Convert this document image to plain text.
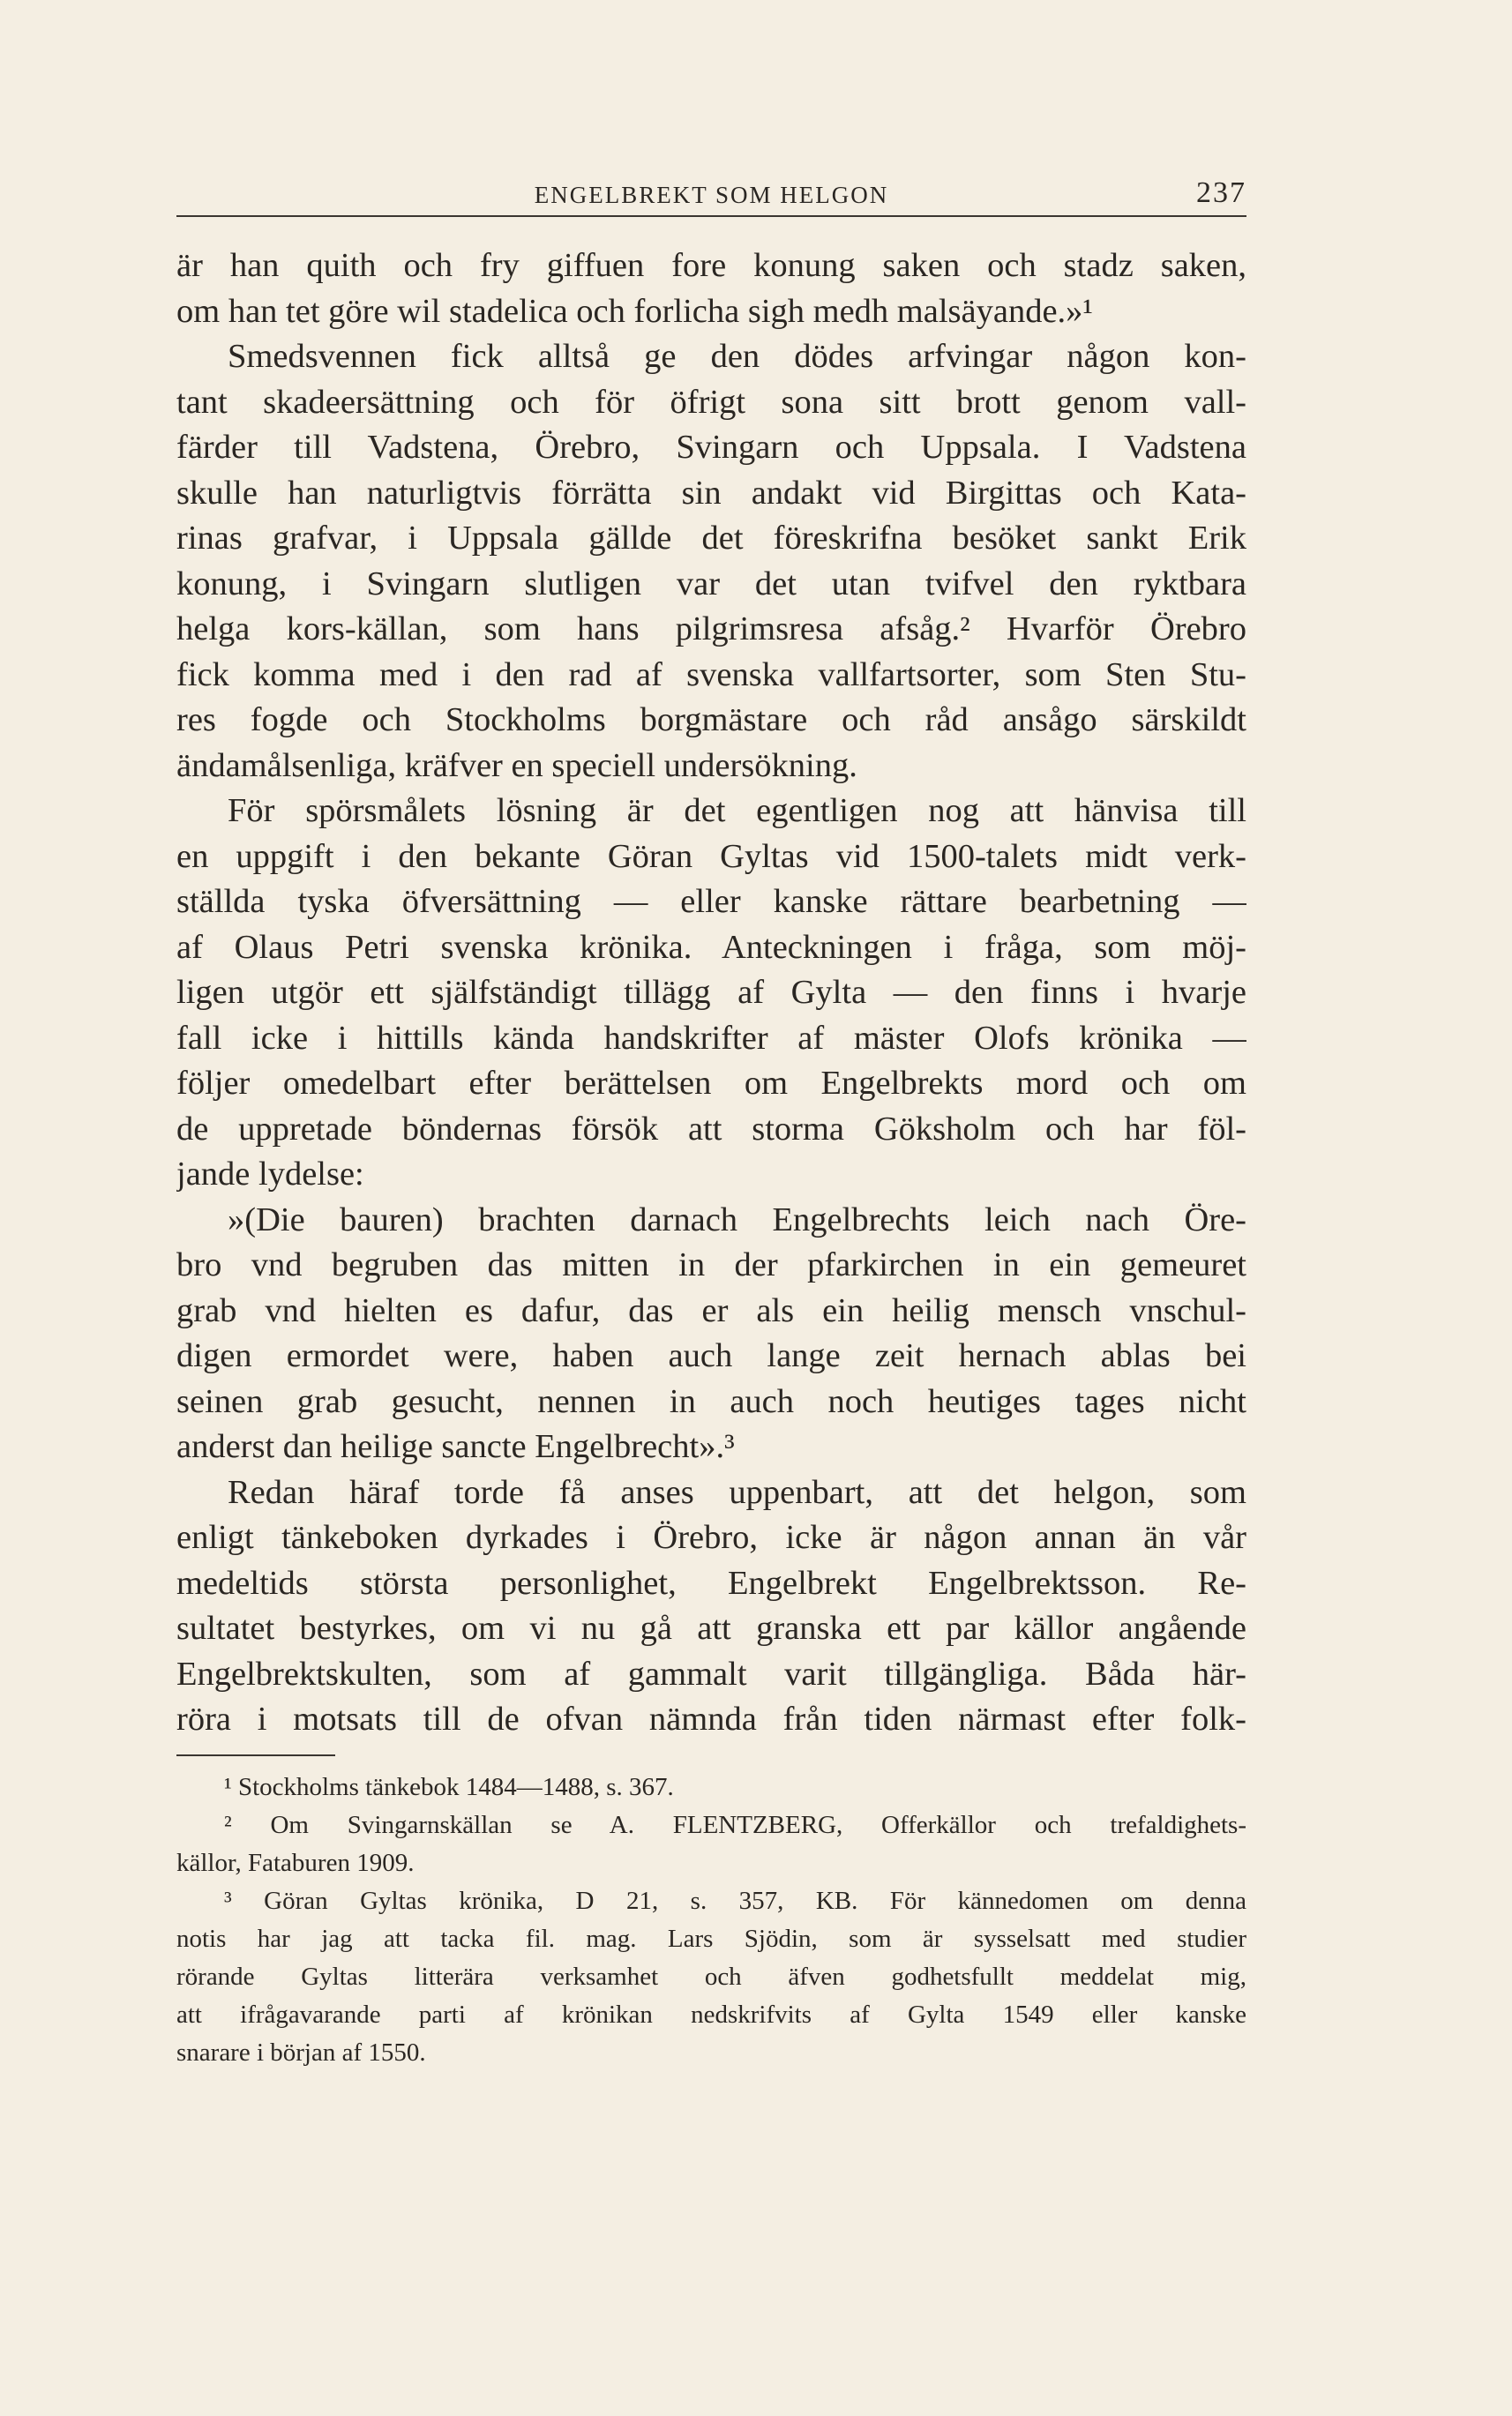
ENGELBREKT SOM HELGON	237
är han quith och fry giffuen fore konung saken och stadz saken,
om han tet göre wil stadelica och forlicha sigh medh malsäyande.»¹
Smedsvennen fick alltså ge den dödes arfvingar någon kon-
tant skadeersättning och för öfrigt sona sitt brott genom vall-
färder till Vadstena, Örebro, Svingarn och Uppsala. I Vadstena
skulle han naturligtvis förrätta sin andakt vid Birgittas och Kata-
rinas grafvar, i Uppsala gällde det föreskrifna besöket sankt Erik
konung, i Svingarn slutligen var det utan tvifvel den ryktbara
helga kors-källan, som hans pilgrimsresa afsåg.² Hvarför Örebro
fick komma med i den rad af svenska vallfartsorter, som Sten Stu-
res fogde och Stockholms borgmästare och råd ansågo särskildt
ändamålsenliga, kräfver en speciell undersökning.
För spörsmålets lösning är det egentligen nog att hänvisa till
en uppgift i den bekante Göran Gyltas vid 1500-talets midt verk-
ställda tyska öfversättning — eller kanske rättare bearbetning —
af Olaus Petri svenska krönika. Anteckningen i fråga, som möj-
ligen utgör ett själfständigt tillägg af Gylta — den finns i hvarje
fall icke i hittills kända handskrifter af mäster Olofs krönika —
följer omedelbart efter berättelsen om Engelbrekts mord och om
de uppretade böndernas försök att storma Göksholm och har föl-
jande lydelse:
»(Die bauren) brachten darnach Engelbrechts leich nach Öre-
bro vnd begruben das mitten in der pfarkirchen in ein gemeuret
grab vnd hielten es dafur, das er als ein heilig mensch vnschul-
digen ermordet were, haben auch lange zeit hernach ablas bei
seinen grab gesucht, nennen in auch noch heutiges tages nicht
anderst dan heilige sancte Engelbrecht».³
Redan häraf torde få anses uppenbart, att det helgon, som
enligt tänkeboken dyrkades i Örebro, icke är någon annan än vår
medeltids största personlighet, Engelbrekt Engelbrektsson. Re-
sultatet bestyrkes, om vi nu gå att granska ett par källor angående
Engelbrektskulten, som af gammalt varit tillgängliga. Båda här-
röra i motsats till de ofvan nämnda från tiden närmast efter folk-
¹ Stockholms tänkebok 1484—1488, s. 367.
² Om Svingarnskällan se A. FLENTZBERG, Offerkällor och trefaldighets-
källor, Fataburen 1909.
³ Göran Gyltas krönika, D 21, s. 357, KB. För kännedomen om denna
notis har jag att tacka fil. mag. Lars Sjödin, som är sysselsatt med studier
rörande Gyltas litterära verksamhet och äfven godhetsfullt meddelat mig,
att ifrågavarande parti af krönikan nedskrifvits af Gylta 1549 eller kanske
snarare i början af 1550.
